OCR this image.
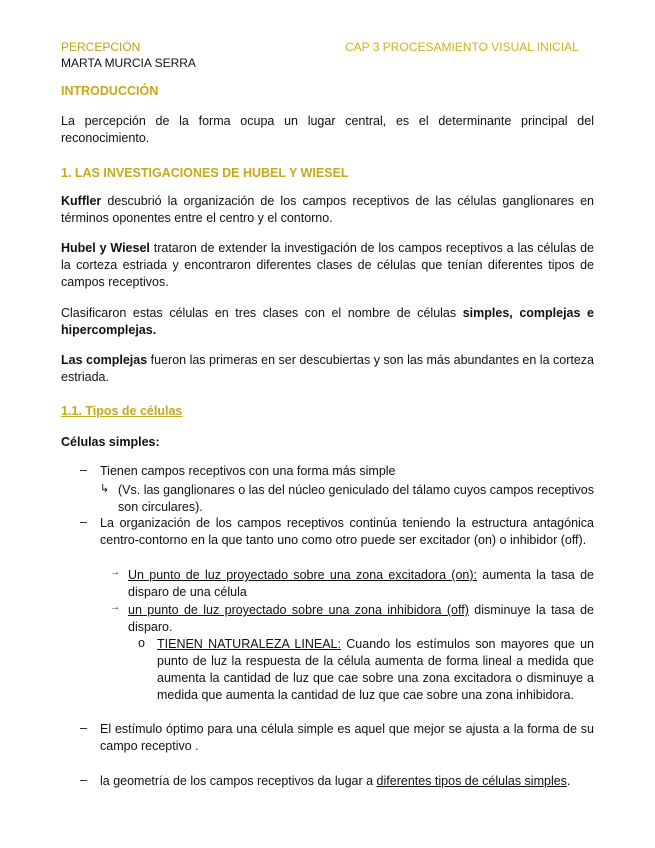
PERCEPCIÓN	CAP 3 PROCESAMIENTO VISUAL INICIAL
MARTA MURCIA SERRA
INTRODUCCIÓN

La percepción de la forma ocupa un lugar central, es el determinante principal del reconocimiento.

1. LAS INVESTIGACIONES DE HUBEL Y WIESEL

Kuffler descubrió la organización de los campos receptivos de las células ganglionares en términos oponentes entre el centro y el contorno.

Hubel y Wiesel trataron de extender la investigación de los campos receptivos a las células de la corteza estriada y encontraron diferentes clases de células que tenían diferentes tipos de campos receptivos.

Clasificaron estas células en tres clases con el nombre de células simples, complejas e hipercomplejas.

Las complejas fueron las primeras en ser descubiertas y son las más abundantes en la corteza estriada.

1.1. Tipos de células
Células simples:
– Tienen campos receptivos con una forma más simple

↳ (Vs. las ganglionares o las del núcleo geniculado del tálamo cuyos campos receptivos son circulares).

– La organización de los campos receptivos continúa teniendo la estructura antagónica centro-contorno en la que tanto uno como otro puede ser excitador (on) o inhibidor (off).

→ Un punto de luz proyectado sobre una zona excitadora (on): aumenta la tasa de disparo de una célula

→ un punto de luz proyectado sobre una zona inhibidora (off) disminuye la tasa de disparo.

o TIENEN NATURALEZA LINEAL: Cuando los estímulos son mayores que un punto de luz la respuesta de la célula aumenta de forma lineal a medida que aumenta la cantidad de luz que cae sobre una zona excitadora o disminuye a medida que aumenta la cantidad de luz que cae sobre una zona inhibidora.

– El estímulo óptimo para una célula simple es aquel que mejor se ajusta a la forma de su campo receptivo .

– la geometría de los campos receptivos da lugar a diferentes tipos de células simples.
